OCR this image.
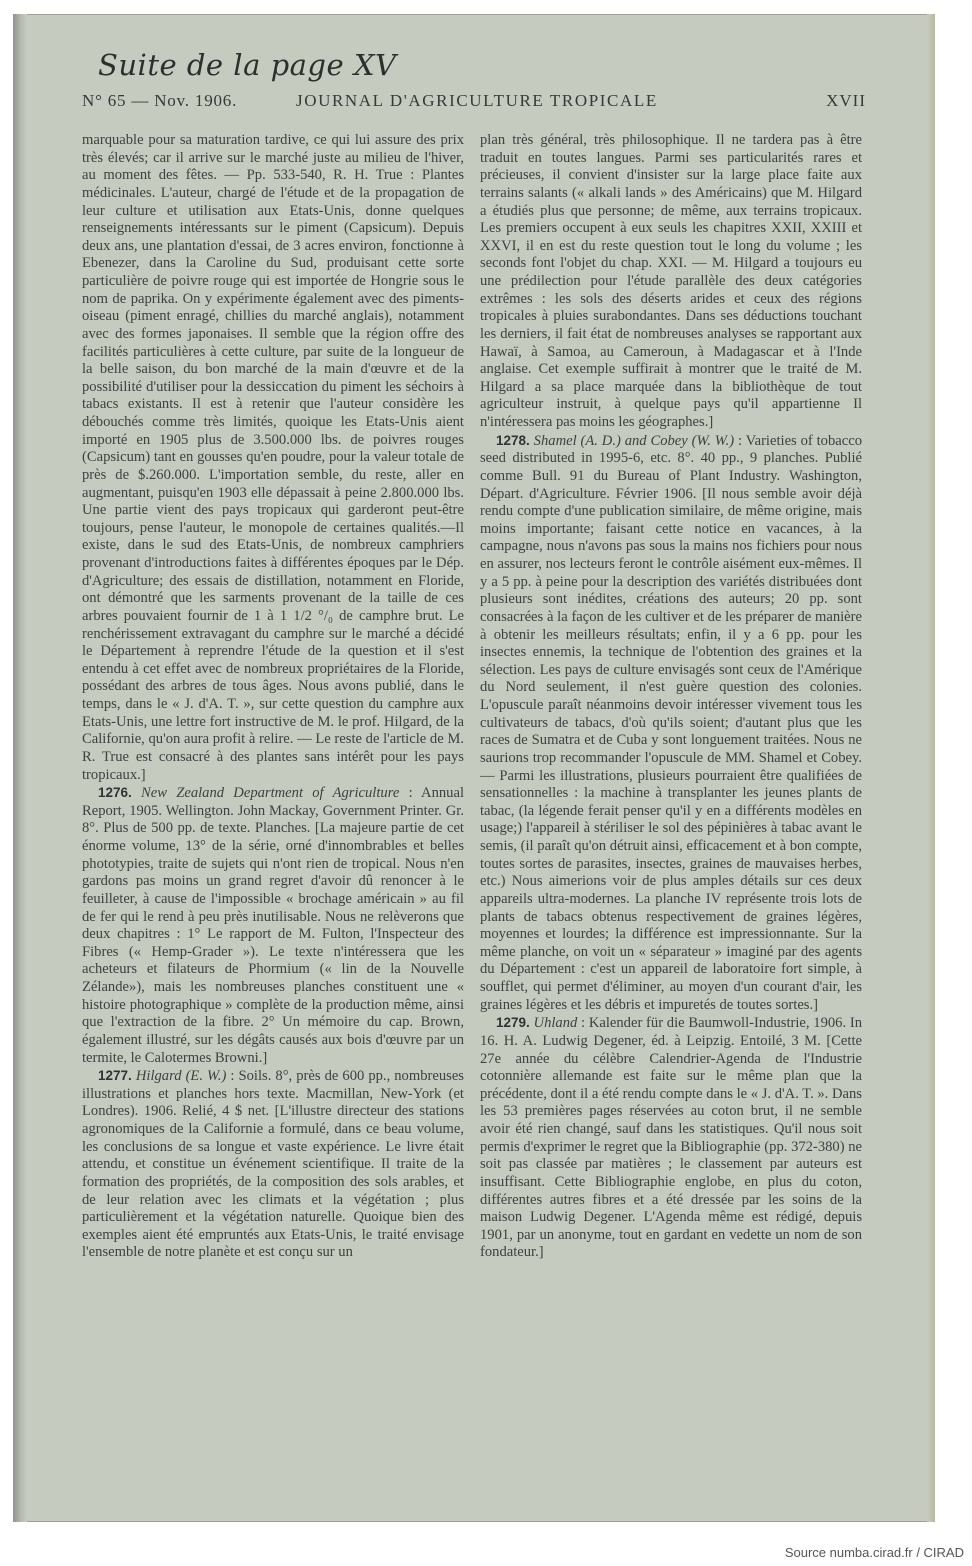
Suite de la page XV
N° 65 — Nov. 1906.	JOURNAL D'AGRICULTURE TROPICALE	XVII

marquable pour sa maturation tardive, ce qui lui assure des prix très élevés; car il arrive sur le marché juste au milieu de l'hiver, au moment des fêtes. — Pp. 533-540, R. H. True : Plantes médicinales. L'auteur, chargé de l'étude et de la propagation de leur culture et utilisation aux Etats-Unis, donne quelques renseignements intéressants sur le piment (Capsicum). Depuis deux ans, une plantation d'essai, de 3 acres environ, fonctionne à Ebenezer, dans la Caroline du Sud, produisant cette sorte particulière de poivre rouge qui est importée de Hongrie sous le nom de paprika. On y expérimente également avec des piments-oiseau (piment enragé, chillies du marché anglais), notamment avec des formes japonaises. Il semble que la région offre des facilités particulières à cette culture, par suite de la longueur de la belle saison, du bon marché de la main d'œuvre et de la possibilité d'utiliser pour la dessiccation du piment les séchoirs à tabacs existants. Il est à retenir que l'auteur considère les débouchés comme très limités, quoique les Etats-Unis aient importé en 1905 plus de 3.500.000 lbs. de poivres rouges (Capsicum) tant en gousses qu'en poudre, pour la valeur totale de près de $.260.000. L'importation semble, du reste, aller en augmentant, puisqu'en 1903 elle dépassait à peine 2.800.000 lbs. Une partie vient des pays tropicaux qui garderont peut-être toujours, pense l'auteur, le monopole de certaines qualités.—Il existe, dans le sud des Etats-Unis, de nombreux camphriers provenant d'introductions faites à différentes époques par le Dép. d'Agriculture; des essais de distillation, notamment en Floride, ont démontré que les sarments provenant de la taille de ces arbres pouvaient fournir de 1 à 1 1/2 °/₀ de camphre brut. Le renchérissement extravagant du camphre sur le marché a décidé le Département à reprendre l'étude de la question et il s'est entendu à cet effet avec de nombreux propriétaires de la Floride, possédant des arbres de tous âges. Nous avons publié, dans le temps, dans le « J. d'A. T. », sur cette question du camphre aux Etats-Unis, une lettre fort instructive de M. le prof. Hilgard, de la Californie, qu'on aura profit à relire. — Le reste de l'article de M. R. True est consacré à des plantes sans intérêt pour les pays tropicaux.]

1276. New Zealand Department of Agriculture : Annual Report, 1905. Wellington. John Mackay, Government Printer. Gr. 8°. Plus de 500 pp. de texte. Planches. [La majeure partie de cet énorme volume, 13° de la série, orné d'innombrables et belles phototypies, traite de sujets qui n'ont rien de tropical. Nous n'en gardons pas moins un grand regret d'avoir dû renoncer à le feuilleter, à cause de l'impossible « brochage américain » au fil de fer qui le rend à peu près inutilisable. Nous ne relèverons que deux chapitres : 1° Le rapport de M. Fulton, l'Inspecteur des Fibres (« Hemp-Grader »). Le texte n'intéressera que les acheteurs et filateurs de Phormium (« lin de la Nouvelle Zélande»), mais les nombreuses planches constituent une « histoire photographique » complète de la production même, ainsi que l'extraction de la fibre. 2° Un mémoire du cap. Brown, également illustré, sur les dégâts causés aux bois d'œuvre par un termite, le Calotermes Browni.]

1277. Hilgard (E. W.) : Soils. 8°, près de 600 pp., nombreuses illustrations et planches hors texte. Macmillan, New-York (et Londres). 1906. Relié, 4 $ net. [L'illustre directeur des stations agronomiques de la Californie a formulé, dans ce beau volume, les conclusions de sa longue et vaste expérience. Le livre était attendu, et constitue un événement scientifique. Il traite de la formation des propriétés, de la composition des sols arables, et de leur relation avec les climats et la végétation ; plus particulièrement et la végétation naturelle. Quoique bien des exemples aient été empruntés aux Etats-Unis, le traité envisage l'ensemble de notre planète et est conçu sur un

plan très général, très philosophique. Il ne tardera pas à être traduit en toutes langues. Parmi ses particularités rares et précieuses, il convient d'insister sur la large place faite aux terrains salants (« alkali lands » des Américains) que M. Hilgard a étudiés plus que personne; de même, aux terrains tropicaux. Les premiers occupent à eux seuls les chapitres XXII, XXIII et XXVI, il en est du reste question tout le long du volume ; les seconds font l'objet du chap. XXI. — M. Hilgard a toujours eu une prédilection pour l'étude parallèle des deux catégories extrêmes : les sols des déserts arides et ceux des régions tropicales à pluies surabondantes. Dans ses déductions touchant les derniers, il fait état de nombreuses analyses se rapportant aux Hawaï, à Samoa, au Cameroun, à Madagascar et à l'Inde anglaise. Cet exemple suffirait à montrer que le traité de M. Hilgard a sa place marquée dans la bibliothèque de tout agriculteur instruit, à quelque pays qu'il appartienne Il n'intéressera pas moins les géographes.]

1278. Shamel (A. D.) and Cobey (W. W.) : Varieties of tobacco seed distributed in 1995-6, etc. 8°. 40 pp., 9 planches. Publié comme Bull. 91 du Bureau of Plant Industry. Washington, Départ. d'Agriculture. Février 1906. [Il nous semble avoir déjà rendu compte d'une publication similaire, de même origine, mais moins importante; faisant cette notice en vacances, à la campagne, nous n'avons pas sous la mains nos fichiers pour nous en assurer, nos lecteurs feront le contrôle aisément eux-mêmes. Il y a 5 pp. à peine pour la description des variétés distribuées dont plusieurs sont inédites, créations des auteurs; 20 pp. sont consacrées à la façon de les cultiver et de les préparer de manière à obtenir les meilleurs résultats; enfin, il y a 6 pp. pour les insectes ennemis, la technique de l'obtention des graines et la sélection. Les pays de culture envisagés sont ceux de l'Amérique du Nord seulement, il n'est guère question des colonies. L'opuscule paraît néanmoins devoir intéresser vivement tous les cultivateurs de tabacs, d'où qu'ils soient; d'autant plus que les races de Sumatra et de Cuba y sont longuement traitées. Nous ne saurions trop recommander l'opuscule de MM. Shamel et Cobey. — Parmi les illustrations, plusieurs pourraient être qualifiées de sensationnelles : la machine à transplanter les jeunes plants de tabac, (la légende ferait penser qu'il y en a différents modèles en usage;) l'appareil à stériliser le sol des pépinières à tabac avant le semis, (il paraît qu'on détruit ainsi, efficacement et à bon compte, toutes sortes de parasites, insectes, graines de mauvaises herbes, etc.) Nous aimerions voir de plus amples détails sur ces deux appareils ultra-modernes. La planche IV représente trois lots de plants de tabacs obtenus respectivement de graines légères, moyennes et lourdes; la différence est impressionnante. Sur la même planche, on voit un « séparateur » imaginé par des agents du Département : c'est un appareil de laboratoire fort simple, à soufflet, qui permet d'éliminer, au moyen d'un courant d'air, les graines légères et les débris et impuretés de toutes sortes.]

1279. Uhland : Kalender für die Baumwoll-Industrie, 1906. In 16. H. A. Ludwig Degener, éd. à Leipzig. Entoilé, 3 M. [Cette 27e année du célèbre Calendrier-Agenda de l'Industrie cotonnière allemande est faite sur le même plan que la précédente, dont il a été rendu compte dans le « J. d'A. T. ». Dans les 53 premières pages réservées au coton brut, il ne semble avoir été rien changé, sauf dans les statistiques. Qu'il nous soit permis d'exprimer le regret que la Bibliographie (pp. 372-380) ne soit pas classée par matières ; le classement par auteurs est insuffisant. Cette Bibliographie englobe, en plus du coton, différentes autres fibres et a été dressée par les soins de la maison Ludwig Degener. L'Agenda même est rédigé, depuis 1901, par un anonyme, tout en gardant en vedette un nom de son fondateur.]

Source numba.cirad.fr / CIRAD
